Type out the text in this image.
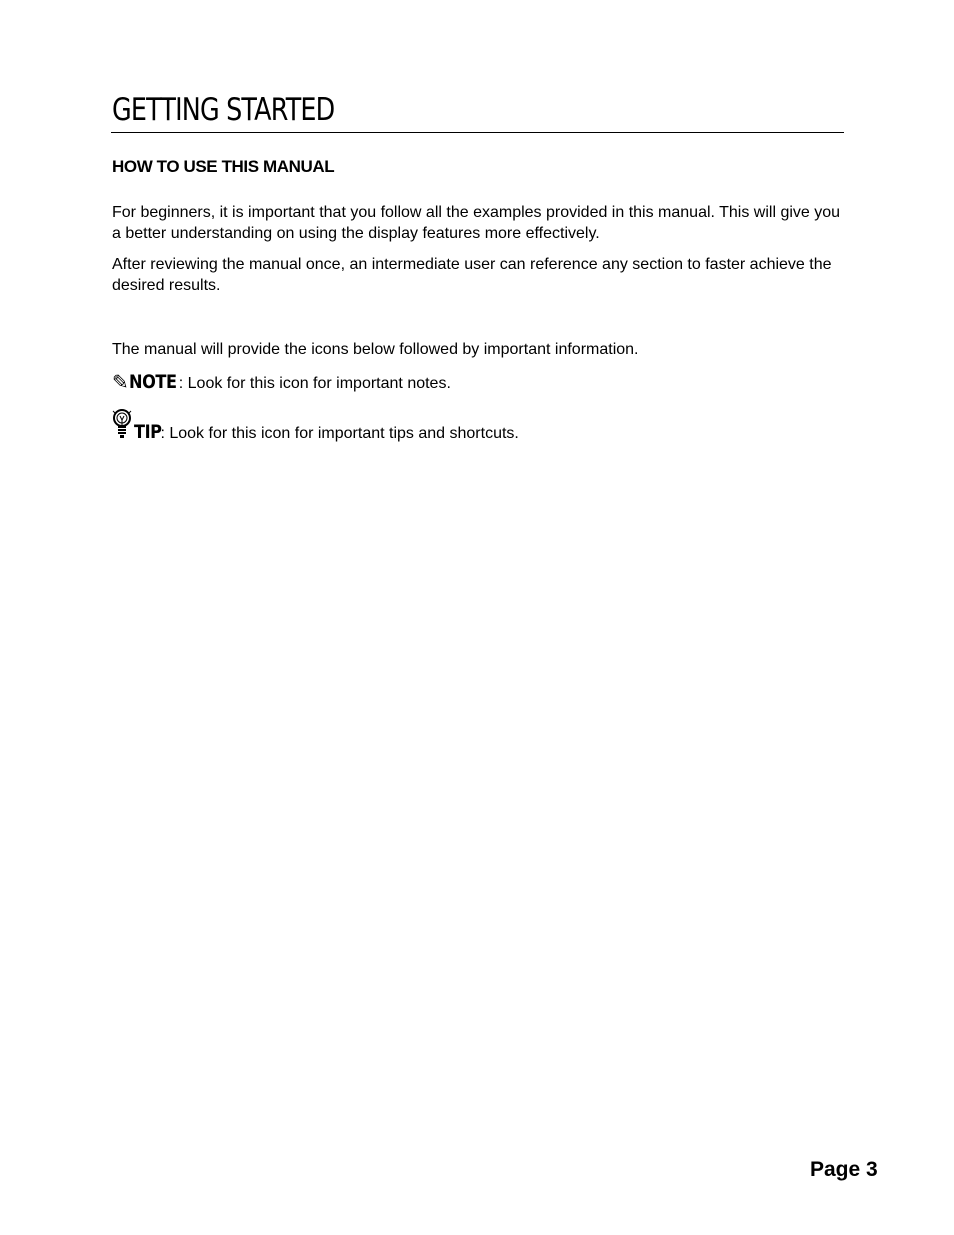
GETTING STARTED
HOW TO USE THIS MANUAL

For beginners, it is important that you follow all the examples provided in this manual. This will give you a better understanding on using the display features more effectively.

After reviewing the manual once, an intermediate user can reference any section to faster achieve the desired results.

The manual will provide the icons below followed by important information.

✎NOTE : Look for this icon for important notes.

TIP: Look for this icon for important tips and shortcuts.

Page 3
